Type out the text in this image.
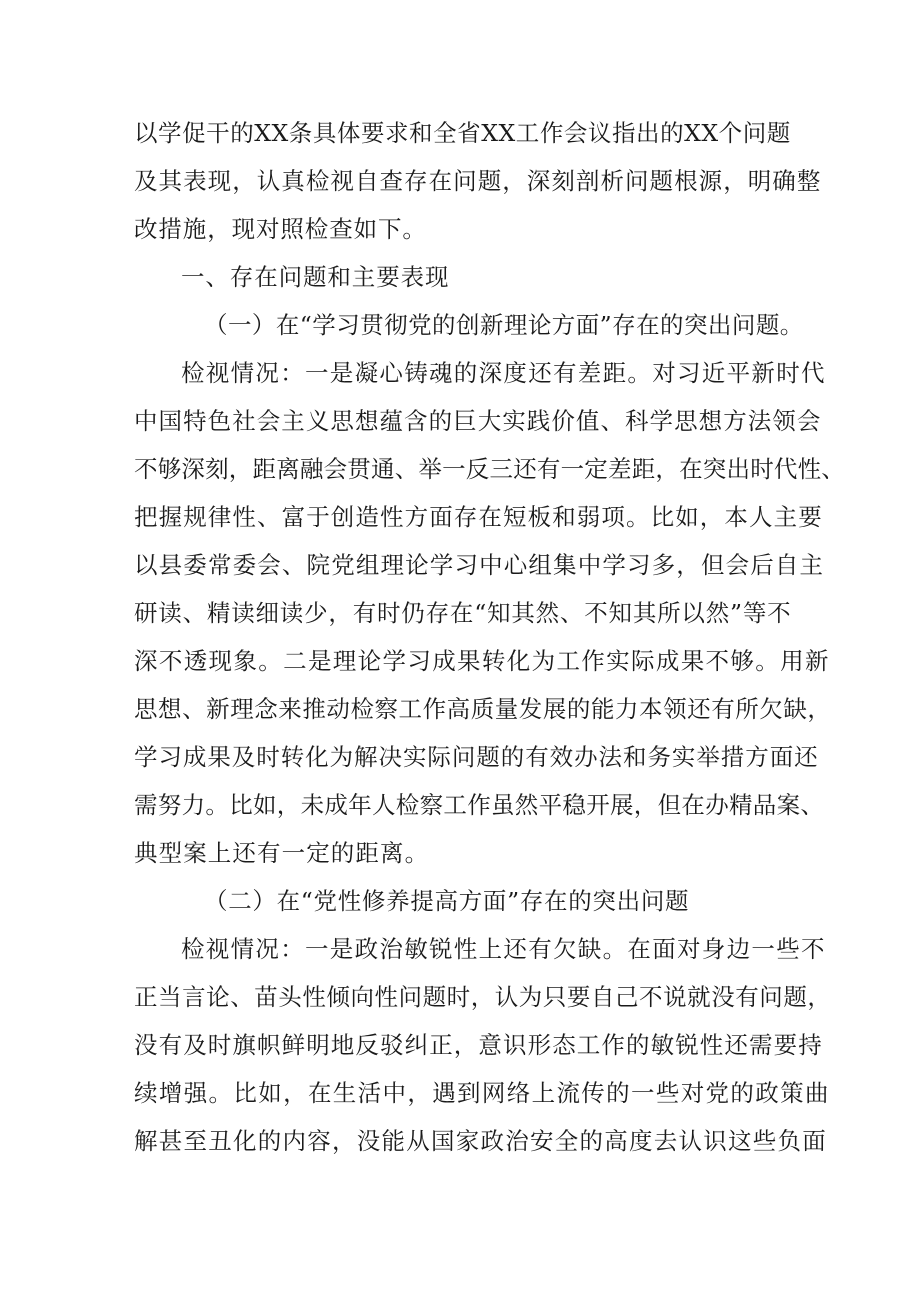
以学促干的XX条具体要求和全省XX工作会议指出的XX个问题
及其表现，认真检视自查存在问题，深刻剖析问题根源，明确整
改措施，现对照检查如下。
一、存在问题和主要表现
（一）在“学习贯彻党的创新理论方面”存在的突出问题。
检视情况：一是凝心铸魂的深度还有差距。对习近平新时代
中国特色社会主义思想蕴含的巨大实践价值、科学思想方法领会
不够深刻，距离融会贯通、举一反三还有一定差距，在突出时代性、
把握规律性、富于创造性方面存在短板和弱项。比如，本人主要
以县委常委会、院党组理论学习中心组集中学习多，但会后自主
研读、精读细读少，有时仍存在“知其然、不知其所以然”等不
深不透现象。二是理论学习成果转化为工作实际成果不够。用新
思想、新理念来推动检察工作高质量发展的能力本领还有所欠缺，
学习成果及时转化为解决实际问题的有效办法和务实举措方面还
需努力。比如，未成年人检察工作虽然平稳开展，但在办精品案、
典型案上还有一定的距离。
（二）在“党性修养提高方面”存在的突出问题
检视情况：一是政治敏锐性上还有欠缺。在面对身边一些不
正当言论、苗头性倾向性问题时，认为只要自己不说就没有问题，
没有及时旗帜鲜明地反驳纠正，意识形态工作的敏锐性还需要持
续增强。比如，在生活中，遇到网络上流传的一些对党的政策曲
解甚至丑化的内容，没能从国家政治安全的高度去认识这些负面
